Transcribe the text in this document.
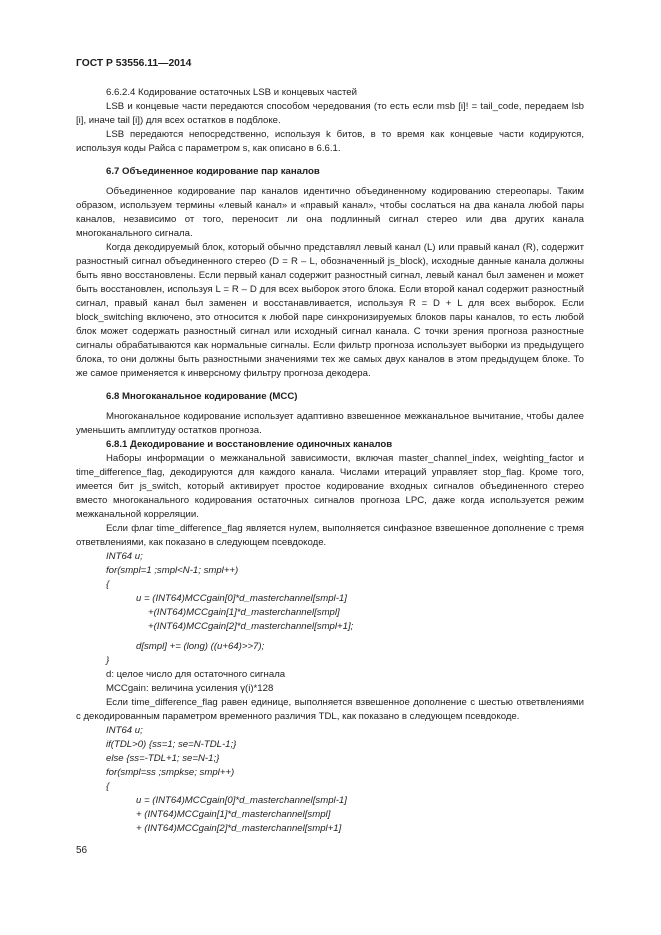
ГОСТ Р 53556.11—2014

6.6.2.4 Кодирование остаточных LSB и концевых частей

LSB и концевые части передаются способом чередования (то есть если msb [i]! = tail_code, передаем lsb [i], иначе tail [i]) для всех остатков в подблоке.

LSB передаются непосредственно, используя k битов, в то время как концевые части кодируются, используя коды Райса с параметром s, как описано в 6.6.1.

6.7 Объединенное кодирование пар каналов

Объединенное кодирование пар каналов идентично объединенному кодированию стереопары. Таким образом, используем термины «левый канал» и «правый канал», чтобы сослаться на два канала любой пары каналов, независимо от того, переносит ли она подлинный сигнал стерео или два других канала многоканального сигнала.

Когда декодируемый блок, который обычно представлял левый канал (L) или правый канал (R), содержит разностный сигнал объединенного стерео (D = R – L, обозначенный js_block), исходные данные канала должны быть явно восстановлены. Если первый канал содержит разностный сигнал, левый канал был заменен и может быть восстановлен, используя L = R – D для всех выборок этого блока. Если второй канал содержит разностный сигнал, правый канал был заменен и восстанавливается, используя R = D + L для всех выборок. Если block_switching включено, это относится к любой паре синхронизируемых блоков пары каналов, то есть любой блок может содержать разностный сигнал или исходный сигнал канала. С точки зрения прогноза разностные сигналы обрабатываются как нормальные сигналы. Если фильтр прогноза использует выборки из предыдущего блока, то они должны быть разностными значениями тех же самых двух каналов в этом предыдущем блоке. То же самое применяется к инверсному фильтру прогноза декодера.

6.8 Многоканальное кодирование (MCC)

Многоканальное кодирование использует адаптивно взвешенное межканальное вычитание, чтобы далее уменьшить амплитуду остатков прогноза.

6.8.1 Декодирование и восстановление одиночных каналов

Наборы информации о межканальной зависимости, включая master_channel_index, weighting_factor и time_difference_flag, декодируются для каждого канала. Числами итераций управляет stop_flag. Кроме того, имеется бит js_switch, который активирует простое кодирование входных сигналов объединенного стерео вместо многоканального кодирования остаточных сигналов прогноза LPC, даже когда используется режим межканальной корреляции.

Если флаг time_difference_flag является нулем, выполняется синфазное взвешенное дополнение с тремя ответвлениями, как показано в следующем псевдокоде.

INT64 u;
for(smpl=1 ;smpl<N-1; smpl++)
{
u = (INT64)MCCgain[0]*d_masterchannel[smpl-1]
+(INT64)MCCgain[1]*d_masterchannel[smpl]
+(INT64)MCCgain[2]*d_masterchannel[smpl+1];
d[smpl] += (long) ((u+64)>>7);
}

d: целое число для остаточного сигнала

MCCgain: величина усиления γ(i)*128

Если time_difference_flag равен единице, выполняется взвешенное дополнение с шестью ответвлениями с декодированным параметром временного различия TDL, как показано в следующем псевдокоде.

INT64 u;
if(TDL>0) {ss=1; se=N-TDL-1;}
else {ss=-TDL+1; se=N-1;}
for(smpl=ss ;smpkse; smpl++)
{
u = (INT64)MCCgain[0]*d_masterchannel[smpl-1]
+ (INT64)MCCgain[1]*d_masterchannel[smpl]
+ (INT64)MCCgain[2]*d_masterchannel[smpl+1]
56
